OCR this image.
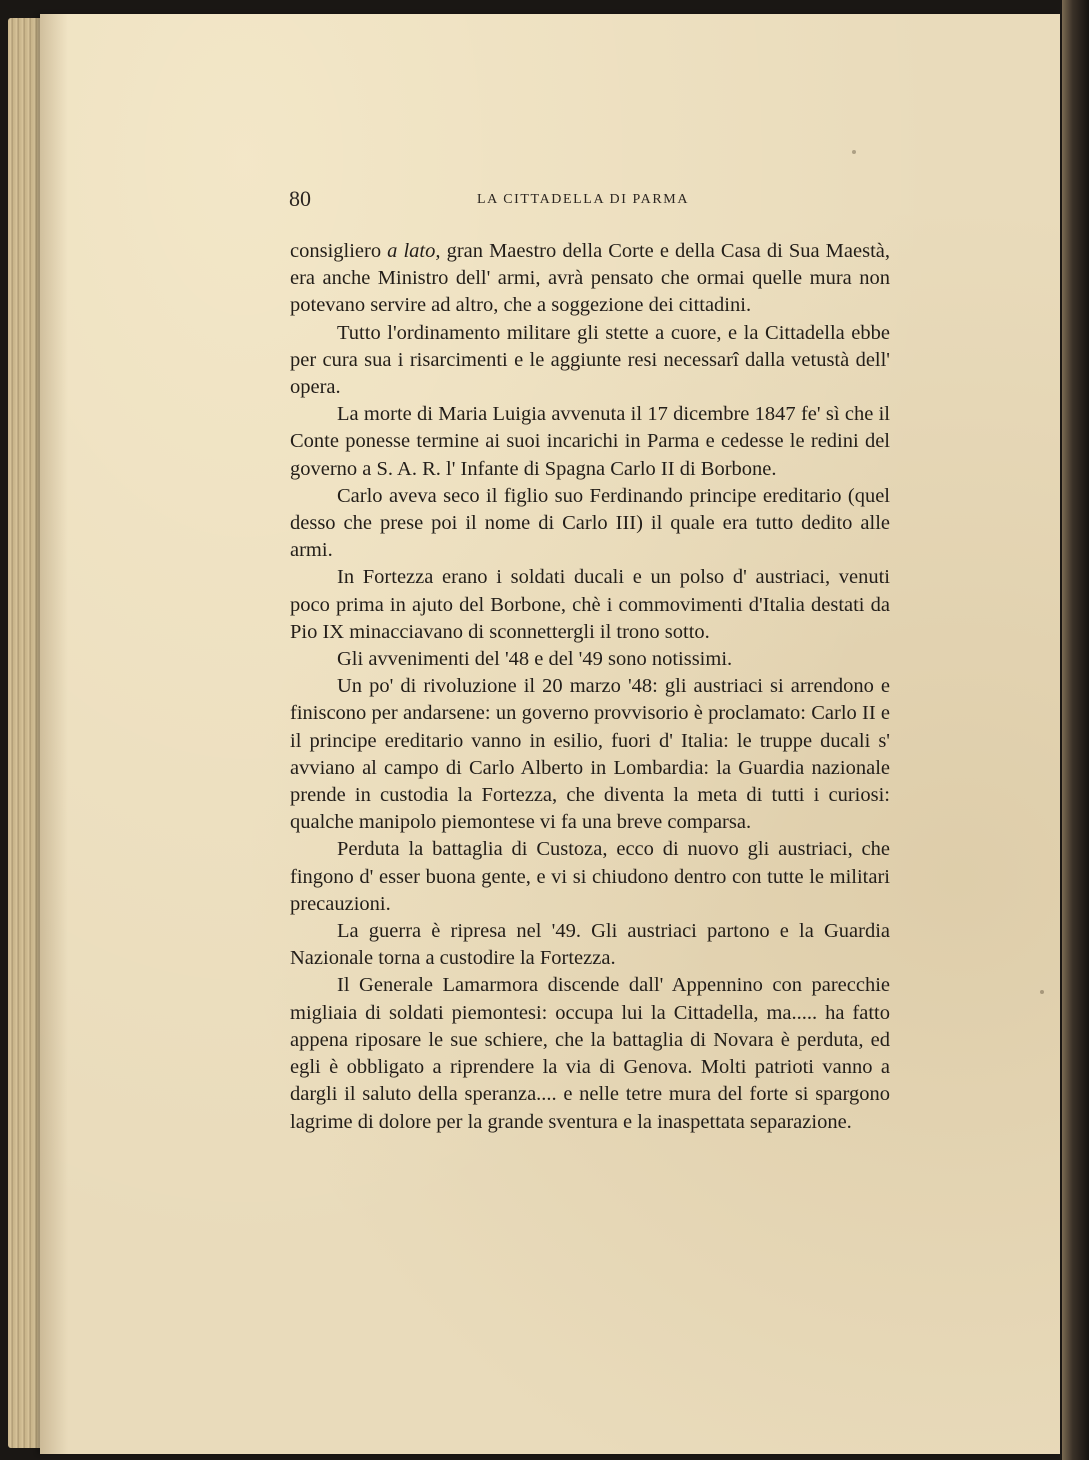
80	LA CITTADELLA DI PARMA

consigliero a lato, gran Maestro della Corte e della Casa di Sua Maestà, era anche Ministro dell' armi, avrà pensato che ormai quelle mura non potevano servire ad altro, che a soggezione dei cittadini.

Tutto l'ordinamento militare gli stette a cuore, e la Cittadella ebbe per cura sua i risarcimenti e le aggiunte resi necessarî dalla vetustà dell' opera.

La morte di Maria Luigia avvenuta il 17 dicembre 1847 fe' sì che il Conte ponesse termine ai suoi incarichi in Parma e cedesse le redini del governo a S. A. R. l' Infante di Spagna Carlo II di Borbone.

Carlo aveva seco il figlio suo Ferdinando principe ereditario (quel desso che prese poi il nome di Carlo III) il quale era tutto dedito alle armi.

In Fortezza erano i soldati ducali e un polso d' austriaci, venuti poco prima in ajuto del Borbone, chè i commovimenti d'Italia destati da Pio IX minacciavano di sconnettergli il trono sotto.

Gli avvenimenti del '48 e del '49 sono notissimi.

Un po' di rivoluzione il 20 marzo '48: gli austriaci si arrendono e finiscono per andarsene: un governo provvisorio è proclamato: Carlo II e il principe ereditario vanno in esilio, fuori d' Italia: le truppe ducali s' avviano al campo di Carlo Alberto in Lombardia: la Guardia nazionale prende in custodia la Fortezza, che diventa la meta di tutti i curiosi: qualche manipolo piemontese vi fa una breve comparsa.

Perduta la battaglia di Custoza, ecco di nuovo gli austriaci, che fingono d' esser buona gente, e vi si chiudono dentro con tutte le militari precauzioni.

La guerra è ripresa nel '49. Gli austriaci partono e la Guardia Nazionale torna a custodire la Fortezza.

Il Generale Lamarmora discende dall' Appennino con parecchie migliaia di soldati piemontesi: occupa lui la Cittadella, ma..... ha fatto appena riposare le sue schiere, che la battaglia di Novara è perduta, ed egli è obbligato a riprendere la via di Genova. Molti patrioti vanno a dargli il saluto della speranza.... e nelle tetre mura del forte si spargono lagrime di dolore per la grande sventura e la inaspettata separazione.
